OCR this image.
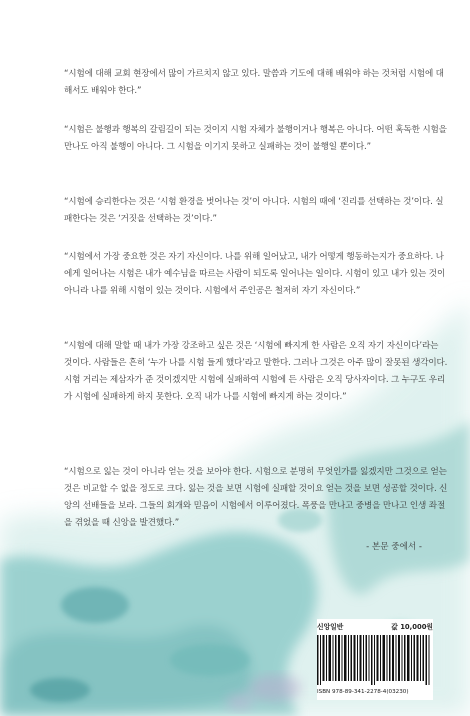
“시험에 대해 교회 현장에서 많이 가르치지 않고 있다. 말씀과 기도에 대해 배워야 하는 것처럼 시험에 대해서도 배워야 한다.”

“시험은 불행과 행복의 갈림길이 되는 것이지 시험 자체가 불행이거나 행복은 아니다. 어떤 혹독한 시험을 만나도 아직 불행이 아니다. 그 시험을 이기지 못하고 실패하는 것이 불행일 뿐이다.”

“시험에 승리한다는 것은 ‘시험 환경을 벗어나는 것’이 아니다. 시험의 때에 ‘진리를 선택하는 것’이다. 실패한다는 것은 ‘거짓을 선택하는 것’이다.”

“시험에서 가장 중요한 것은 자기 자신이다. 나를 위해 일어났고, 내가 어떻게 행동하는지가 중요하다. 나에게 일어나는 시험은 내가 예수님을 따르는 사람이 되도록 일어나는 일이다. 시험이 있고 내가 있는 것이 아니라 나를 위해 시험이 있는 것이다. 시험에서 주인공은 철저히 자기 자신이다.”

“시험에 대해 말할 때 내가 가장 강조하고 싶은 것은 ‘시험에 빠지게 한 사람은 오직 자기 자신이다’라는 것이다. 사람들은 흔히 ‘누가 나를 시험 들게 했다’라고 말한다. 그러나 그것은 아주 많이 잘못된 생각이다. 시험 거리는 제삼자가 준 것이겠지만 시험에 실패하여 시험에 든 사람은 오직 당사자이다. 그 누구도 우리가 시험에 실패하게 하지 못한다. 오직 내가 나를 시험에 빠지게 하는 것이다.”

“시험으로 잃는 것이 아니라 얻는 것을 보아야 한다. 시험으로 분명히 무엇인가를 잃겠지만 그것으로 얻는 것은 비교할 수 없을 정도로 크다. 잃는 것을 보면 시험에 실패할 것이요 얻는 것을 보면 성공할 것이다. 신앙의 선배들을 보라. 그들의 회개와 믿음이 시험에서 이루어졌다. 폭풍을 만나고 중병을 만나고 인생 좌절을 겪었을 때 신앙을 발견했다.”

- 본문 중에서 -
신앙일반	값 10,000원
ISBN 978-89-341-2278-4(03230)
